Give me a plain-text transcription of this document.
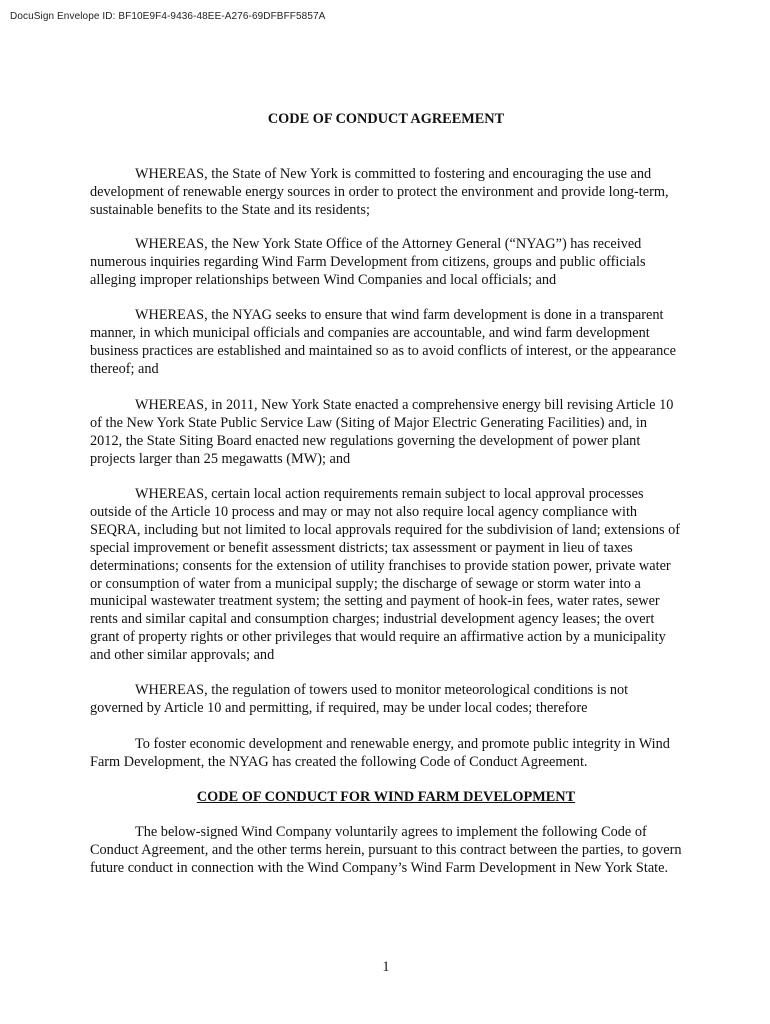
DocuSign Envelope ID: BF10E9F4-9436-48EE-A276-69DFBFF5857A
CODE OF CONDUCT AGREEMENT

WHEREAS, the State of New York is committed to fostering and encouraging the use and development of renewable energy sources in order to protect the environment and provide long-term, sustainable benefits to the State and its residents;

WHEREAS, the New York State Office of the Attorney General (“NYAG”) has received numerous inquiries regarding Wind Farm Development from citizens, groups and public officials alleging improper relationships between Wind Companies and local officials; and

WHEREAS, the NYAG seeks to ensure that wind farm development is done in a transparent manner, in which municipal officials and companies are accountable, and wind farm development business practices are established and maintained so as to avoid conflicts of interest, or the appearance thereof; and

WHEREAS, in 2011, New York State enacted a comprehensive energy bill revising Article 10 of the New York State Public Service Law (Siting of Major Electric Generating Facilities) and, in 2012, the State Siting Board enacted new regulations governing the development of power plant projects larger than 25 megawatts (MW); and

WHEREAS, certain local action requirements remain subject to local approval processes outside of the Article 10 process and may or may not also require local agency compliance with SEQRA, including but not limited to local approvals required for the subdivision of land; extensions of special improvement or benefit assessment districts; tax assessment or payment in lieu of taxes determinations; consents for the extension of utility franchises to provide station power, private water or consumption of water from a municipal supply; the discharge of sewage or storm water into a municipal wastewater treatment system; the setting and payment of hook-in fees, water rates, sewer rents and similar capital and consumption charges; industrial development agency leases; the overt grant of property rights or other privileges that would require an affirmative action by a municipality and other similar approvals; and

WHEREAS, the regulation of towers used to monitor meteorological conditions is not governed by Article 10 and permitting, if required, may be under local codes; therefore

To foster economic development and renewable energy, and promote public integrity in Wind Farm Development, the NYAG has created the following Code of Conduct Agreement.

CODE OF CONDUCT FOR WIND FARM DEVELOPMENT

The below-signed Wind Company voluntarily agrees to implement the following Code of Conduct Agreement, and the other terms herein, pursuant to this contract between the parties, to govern future conduct in connection with the Wind Company’s Wind Farm Development in New York State.

1
